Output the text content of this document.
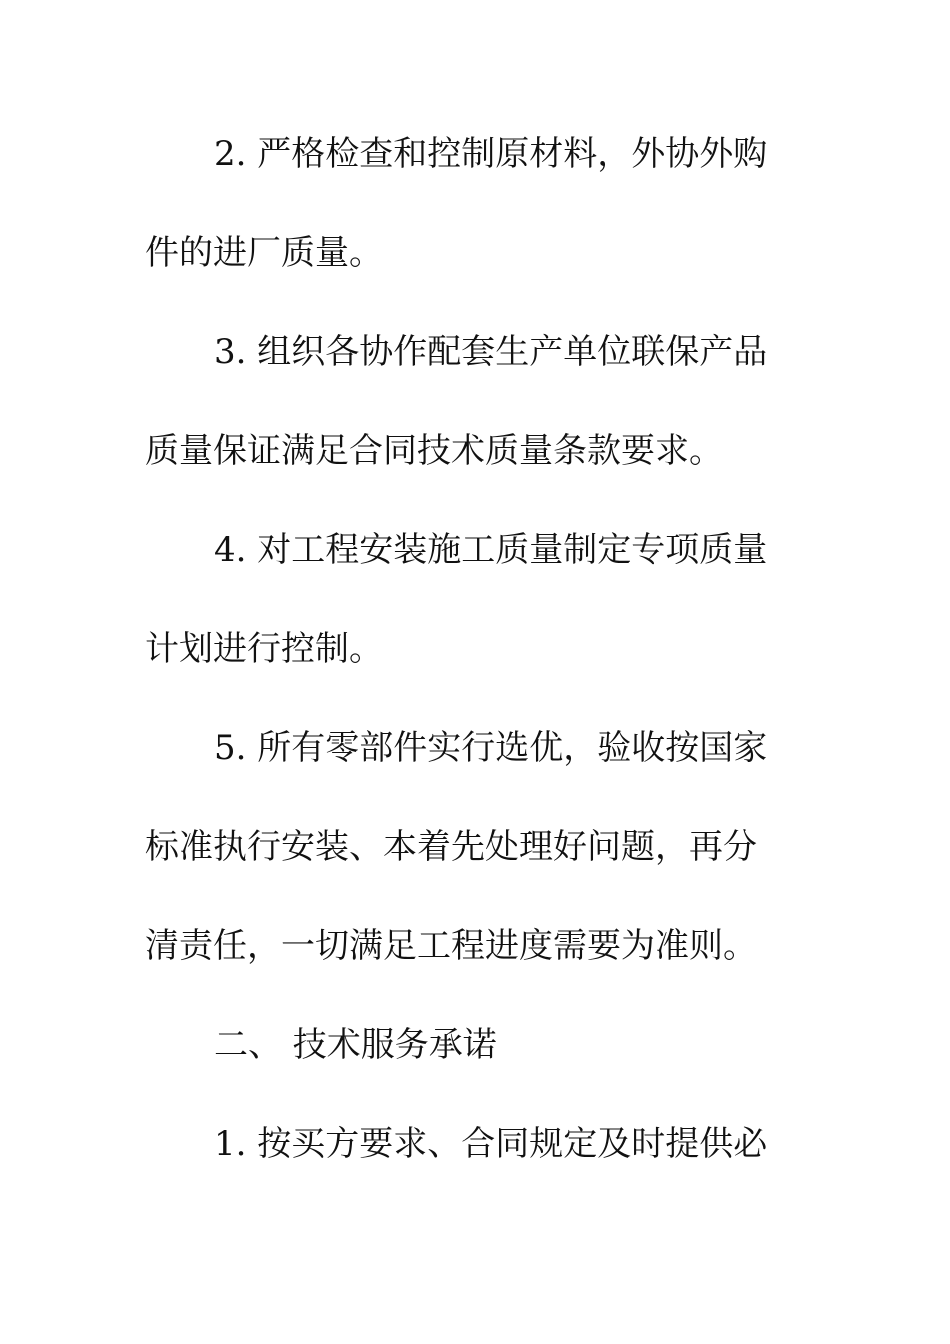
2. 严格检查和控制原材料，外协外购
件的进厂质量。
3. 组织各协作配套生产单位联保产品
质量保证满足合同技术质量条款要求。
4. 对工程安装施工质量制定专项质量
计划进行控制。
5. 所有零部件实行选优，验收按国家
标准执行安装、本着先处理好问题，再分
清责任，一切满足工程进度需要为准则。
二、 技术服务承诺
1. 按买方要求、合同规定及时提供必
